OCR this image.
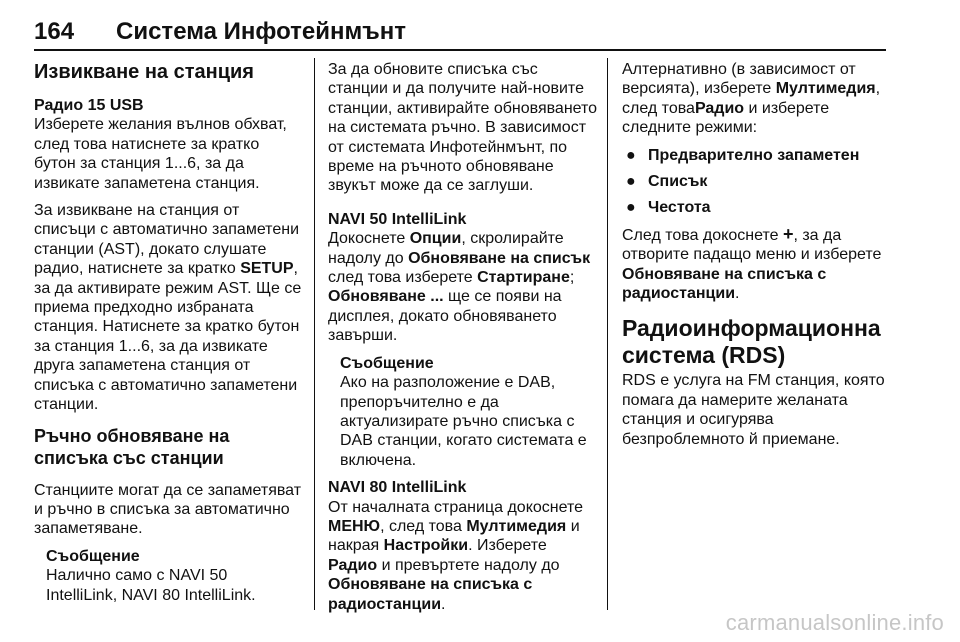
164 Система Инфотейнмънт
Извикване на станция
Радио 15 USB

Изберете желания вълнов обхват, след това натиснете за кратко бутон за станция 1...6, за да извикате запаметена станция.

За извикване на станция от списъци с автоматично запаметени станции (AST), докато слушате радио, натиснете за кратко SETUP, за да активирате режим AST. Ще се приема предходно избраната станция. Натиснете за кратко бутон за станция 1...6, за да извикате друга запаметена станция от списъка с автоматично запаметени станции.

Ръчно обновяване на списъка със станции

Станциите могат да се запаметяват и ръчно в списъка за автоматично запаметяване.

Съобщение
Налично само с NAVI 50 IntelliLink, NAVI 80 IntelliLink.

За да обновите списъка със станции и да получите най-новите станции, активирайте обновяването на системата ръчно. В зависимост от системата Инфотейнмънт, по време на ръчното обновяване звукът може да се заглуши.

NAVI 50 IntelliLink

Докоснете Опции, скролирайте надолу до Обновяване на списък след това изберете Стартиране; Обновяване ... ще се появи на дисплея, докато обновяването завърши.

Съобщение
Ако на разположение е DAB, препоръчително е да актуализирате ръчно списъка с DAB станции, когато системата е включена.
NAVI 80 IntelliLink

От началната страница докоснете МЕНЮ, след това Мултимедия и накрая Настройки. Изберете Радио и превъртете надолу до Обновяване на списъка с радиостанции.

Алтернативно (в зависимост от версията), изберете Мултимедия, след товаРадио и изберете следните режими:

● Предварително запаметен
● Списък
● Честота

След това докоснете +, за да отворите падащо меню и изберете Обновяване на списъка с радиостанции.

Радиоинформационна система (RDS)

RDS е услуга на FM станция, която помага да намерите желаната станция и осигурява безпроблемното й приемане.

carmanualsonline.info
